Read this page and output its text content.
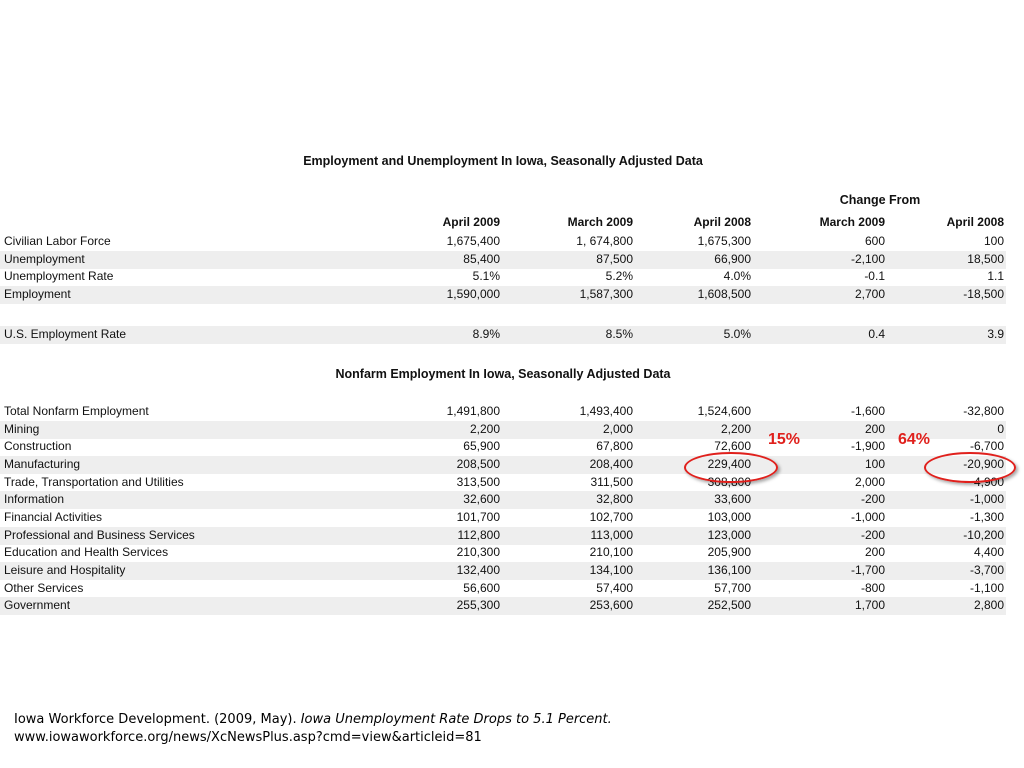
Employment and Unemployment In Iowa, Seasonally Adjusted Data
Change From
April 2009	March 2009	April 2008	March 2009	April 2008
Civilian Labor Force	1,675,400	1, 674,800	1,675,300	600	100
Unemployment	85,400	87,500	66,900	-2,100	18,500
Unemployment Rate	5.1%	5.2%	4.0%	-0.1	1.1
Employment	1,590,000	1,587,300	1,608,500	2,700	-18,500
U.S. Employment Rate	8.9%	8.5%	5.0%	0.4	3.9
Nonfarm Employment In Iowa, Seasonally Adjusted Data
Total Nonfarm Employment	1,491,800	1,493,400	1,524,600	-1,600	-32,800
Mining	2,200	2,000	2,200	200	0
Construction	65,900	67,800	72,600	-1,900	-6,700
Manufacturing	208,500	208,400	229,400	100	-20,900
Trade, Transportation and Utilities	313,500	311,500	308,800	2,000	4,900
Information	32,600	32,800	33,600	-200	-1,000
Financial Activities	101,700	102,700	103,000	-1,000	-1,300
Professional and Business Services	112,800	113,000	123,000	-200	-10,200
Education and Health Services	210,300	210,100	205,900	200	4,400
Leisure and Hospitality	132,400	134,100	136,100	-1,700	-3,700
Other Services	56,600	57,400	57,700	-800	-1,100
Government	255,300	253,600	252,500	1,700	2,800
15%	64%
Iowa Workforce Development. (2009, May). Iowa Unemployment Rate Drops to 5.1 Percent.
www.iowaworkforce.org/news/XcNewsPlus.asp?cmd=view&articleid=81
